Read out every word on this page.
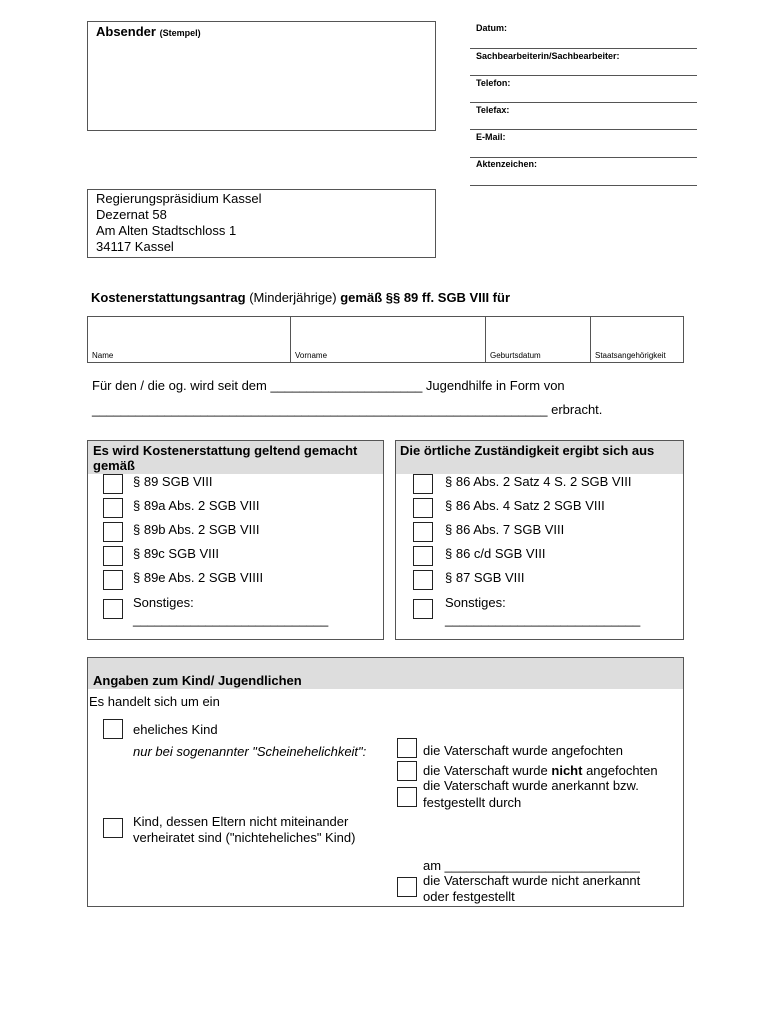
Absender (Stempel)	Datum:
Sachbearbeiterin/Sachbearbeiter:
Telefon:
Telefax:
E-Mail:
Aktenzeichen:
Regierungspräsidium Kassel
Dezernat 58
Am Alten Stadtschloss 1
34117 Kassel
Kostenerstattungsantrag (Minderjährige) gemäß §§ 89 ff. SGB VIII für
Name	Vorname	Geburtsdatum	Staatsangehörigkeit
Für den / die og. wird seit dem _____________________ Jugendhilfe in Form von
_______________________________________________________________ erbracht.
Es wird Kostenerstattung geltend gemacht gemäß
§ 89 SGB VIII
§ 89a Abs. 2 SGB VIII
§ 89b Abs. 2 SGB VIII
§ 89c SGB VIII
§ 89e Abs. 2 SGB VIIII
Sonstiges:
___________________________
Die örtliche Zuständigkeit ergibt sich aus
§ 86 Abs. 2 Satz 4 S. 2 SGB VIII
§ 86 Abs. 4 Satz 2 SGB VIII
§ 86 Abs. 7 SGB VIII
§ 86 c/d SGB VIII
§ 87 SGB VIII
Sonstiges:
___________________________
Angaben zum Kind/ Jugendlichen
Es handelt sich um ein
eheliches Kind
nur bei sogenannter "Scheinehelichkeit":	die Vaterschaft wurde angefochten
die Vaterschaft wurde nicht angefochten
die Vaterschaft wurde anerkannt bzw.
festgestellt durch
Kind, dessen Eltern nicht miteinander
verheiratet sind ("nichteheliches" Kind)
am ___________________________
die Vaterschaft wurde nicht anerkannt
oder festgestellt
